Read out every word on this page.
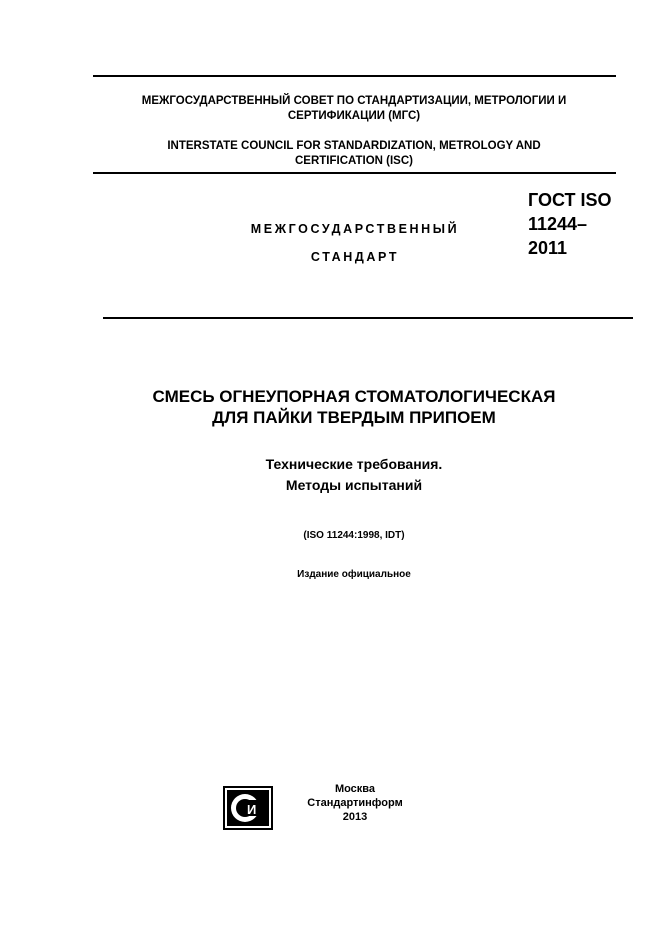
МЕЖГОСУДАРСТВЕННЫЙ СОВЕТ ПО СТАНДАРТИЗАЦИИ, МЕТРОЛОГИИ И
СЕРТИФИКАЦИИ (МГС)
INTERSTATE COUNCIL FOR STANDARDIZATION, METROLOGY AND
CERTIFICATION (ISC)
МЕЖГОСУДАРСТВЕННЫЙ
СТАНДАРТ
ГОСТ ISO
11244–
2011
СМЕСЬ ОГНЕУПОРНАЯ СТОМАТОЛОГИЧЕСКАЯ
ДЛЯ ПАЙКИ ТВЕРДЫМ ПРИПОЕМ
Технические требования.
Методы испытаний
(ISO 11244:1998, IDT)
Издание официальное
И
Москва
Стандартинформ
2013
